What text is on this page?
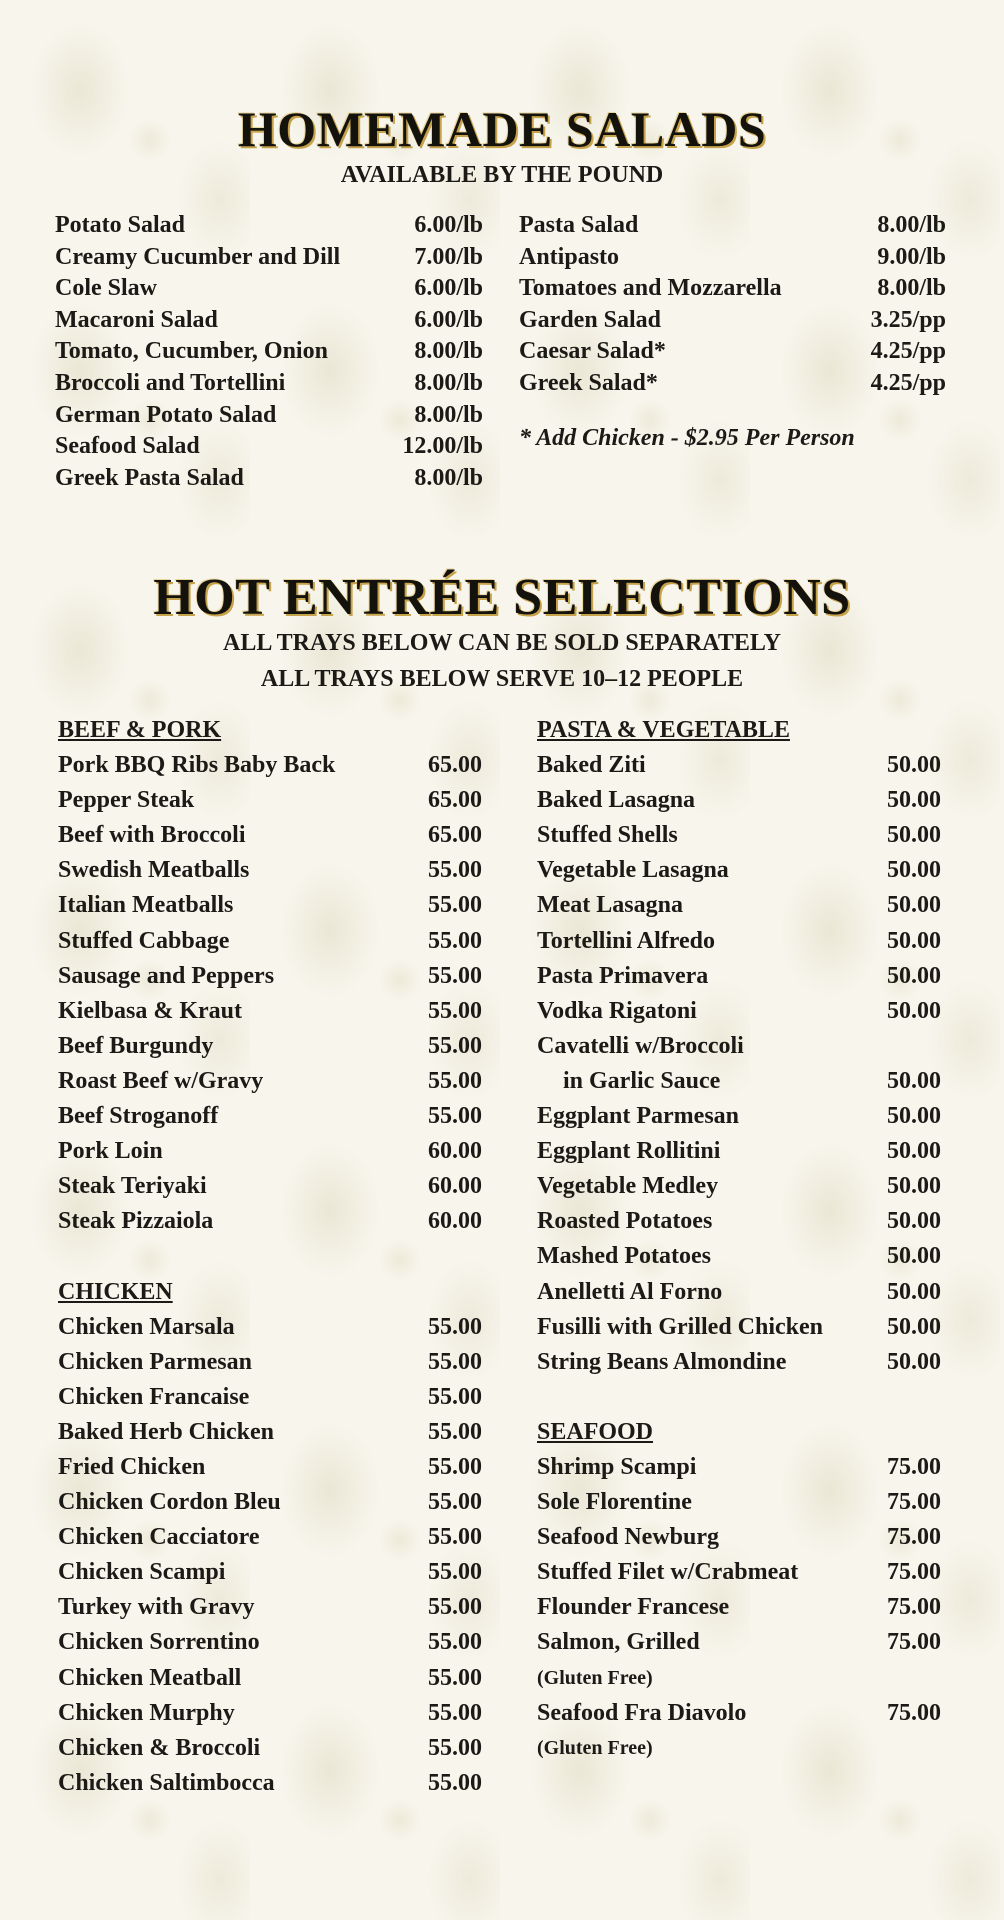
HOMEMADE SALADS
AVAILABLE BY THE POUND
Potato Salad	6.00/lb
Creamy Cucumber and Dill	7.00/lb
Cole Slaw	6.00/lb
Macaroni Salad	6.00/lb
Tomato, Cucumber, Onion	8.00/lb
Broccoli and Tortellini	8.00/lb
German Potato Salad	8.00/lb
Seafood Salad	12.00/lb
Greek Pasta Salad	8.00/lb
Pasta Salad	8.00/lb
Antipasto	9.00/lb
Tomatoes and Mozzarella	8.00/lb
Garden Salad	3.25/pp
Caesar Salad*	4.25/pp
Greek Salad*	4.25/pp
* Add Chicken - $2.95 Per Person
HOT ENTRÉE SELECTIONS
ALL TRAYS BELOW CAN BE SOLD SEPARATELY
ALL TRAYS BELOW SERVE 10–12 PEOPLE
BEEF & PORK
Pork BBQ Ribs Baby Back	65.00
Pepper Steak	65.00
Beef with Broccoli	65.00
Swedish Meatballs	55.00
Italian Meatballs	55.00
Stuffed Cabbage	55.00
Sausage and Peppers	55.00
Kielbasa & Kraut	55.00
Beef Burgundy	55.00
Roast Beef w/Gravy	55.00
Beef Stroganoff	55.00
Pork Loin	60.00
Steak Teriyaki	60.00
Steak Pizzaiola	60.00
CHICKEN
Chicken Marsala	55.00
Chicken Parmesan	55.00
Chicken Francaise	55.00
Baked Herb Chicken	55.00
Fried Chicken	55.00
Chicken Cordon Bleu	55.00
Chicken Cacciatore	55.00
Chicken Scampi	55.00
Turkey with Gravy	55.00
Chicken Sorrentino	55.00
Chicken Meatball	55.00
Chicken Murphy	55.00
Chicken & Broccoli	55.00
Chicken Saltimbocca	55.00
PASTA & VEGETABLE
Baked Ziti	50.00
Baked Lasagna	50.00
Stuffed Shells	50.00
Vegetable Lasagna	50.00
Meat Lasagna	50.00
Tortellini Alfredo	50.00
Pasta Primavera	50.00
Vodka Rigatoni	50.00
Cavatelli w/Broccoli
in Garlic Sauce	50.00
Eggplant Parmesan	50.00
Eggplant Rollitini	50.00
Vegetable Medley	50.00
Roasted Potatoes	50.00
Mashed Potatoes	50.00
Anelletti Al Forno	50.00
Fusilli with Grilled Chicken	50.00
String Beans Almondine	50.00
SEAFOOD
Shrimp Scampi	75.00
Sole Florentine	75.00
Seafood Newburg	75.00
Stuffed Filet w/Crabmeat	75.00
Flounder Francese	75.00
Salmon, Grilled	75.00
(Gluten Free)
Seafood Fra Diavolo	75.00
(Gluten Free)
